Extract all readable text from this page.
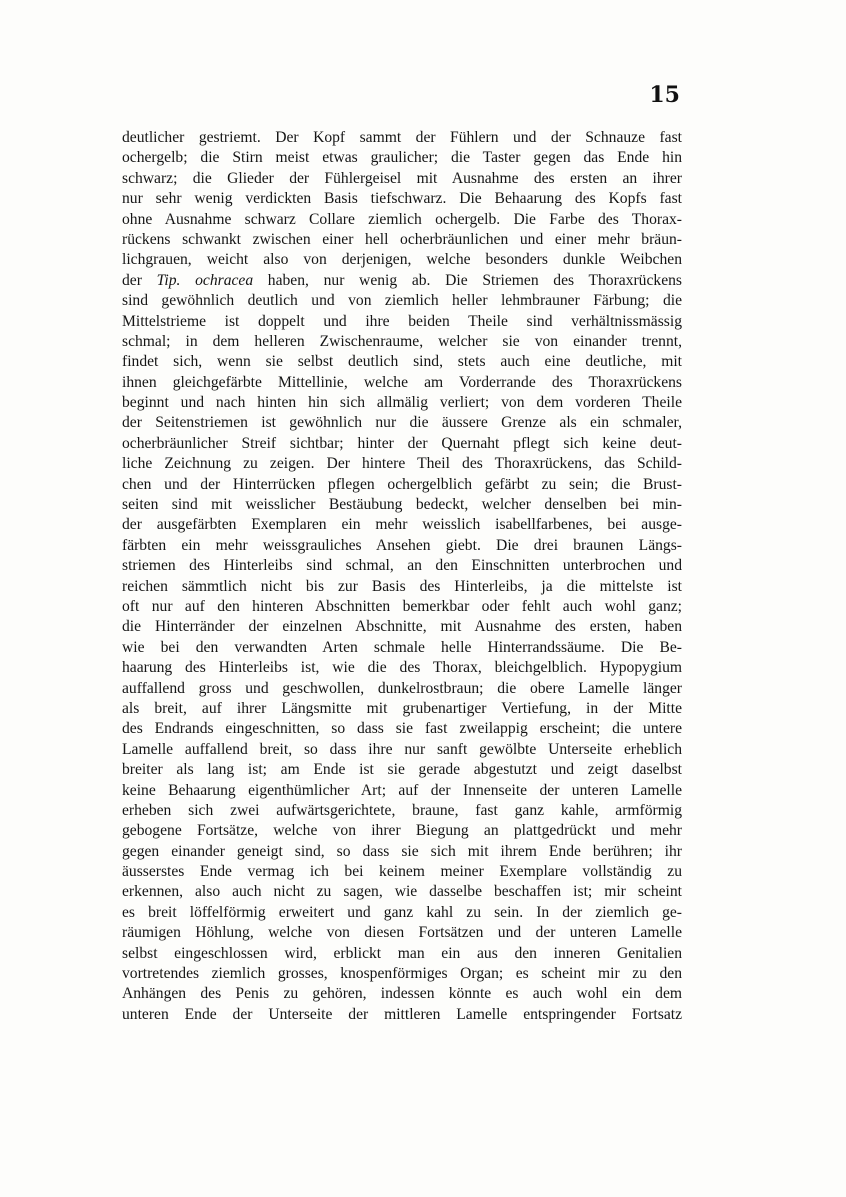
15
deutlicher gestriemt. Der Kopf sammt der Fühlern und der Schnauze fast
ochergelb; die Stirn meist etwas graulicher; die Taster gegen das Ende hin
schwarz; die Glieder der Fühlergeisel mit Ausnahme des ersten an ihrer
nur sehr wenig verdickten Basis tiefschwarz. Die Behaarung des Kopfs fast
ohne Ausnahme schwarz Collare ziemlich ochergelb. Die Farbe des Thorax-
rückens schwankt zwischen einer hell ocherbräunlichen und einer mehr bräun-
lichgrauen, weicht also von derjenigen, welche besonders dunkle Weibchen
der Tip. ochracea haben, nur wenig ab. Die Striemen des Thoraxrückens
sind gewöhnlich deutlich und von ziemlich heller lehmbrauner Färbung; die
Mittelstrieme ist doppelt und ihre beiden Theile sind verhältnissmässig
schmal; in dem helleren Zwischenraume, welcher sie von einander trennt,
findet sich, wenn sie selbst deutlich sind, stets auch eine deutliche, mit
ihnen gleichgefärbte Mittellinie, welche am Vorderrande des Thoraxrückens
beginnt und nach hinten hin sich allmälig verliert; von dem vorderen Theile
der Seitenstriemen ist gewöhnlich nur die äussere Grenze als ein schmaler,
ocherbräunlicher Streif sichtbar; hinter der Quernaht pflegt sich keine deut-
liche Zeichnung zu zeigen. Der hintere Theil des Thoraxrückens, das Schild-
chen und der Hinterrücken pflegen ochergelblich gefärbt zu sein; die Brust-
seiten sind mit weisslicher Bestäubung bedeckt, welcher denselben bei min-
der ausgefärbten Exemplaren ein mehr weisslich isabellfarbenes, bei ausge-
färbten ein mehr weissgrauliches Ansehen giebt. Die drei braunen Längs-
striemen des Hinterleibs sind schmal, an den Einschnitten unterbrochen und
reichen sämmtlich nicht bis zur Basis des Hinterleibs, ja die mittelste ist
oft nur auf den hinteren Abschnitten bemerkbar oder fehlt auch wohl ganz;
die Hinterränder der einzelnen Abschnitte, mit Ausnahme des ersten, haben
wie bei den verwandten Arten schmale helle Hinterrandssäume. Die Be-
haarung des Hinterleibs ist, wie die des Thorax, bleichgelblich. Hypopygium
auffallend gross und geschwollen, dunkelrostbraun; die obere Lamelle länger
als breit, auf ihrer Längsmitte mit grubenartiger Vertiefung, in der Mitte
des Endrands eingeschnitten, so dass sie fast zweilappig erscheint; die untere
Lamelle auffallend breit, so dass ihre nur sanft gewölbte Unterseite erheblich
breiter als lang ist; am Ende ist sie gerade abgestutzt und zeigt daselbst
keine Behaarung eigenthümlicher Art; auf der Innenseite der unteren Lamelle
erheben sich zwei aufwärtsgerichtete, braune, fast ganz kahle, armförmig
gebogene Fortsätze, welche von ihrer Biegung an plattgedrückt und mehr
gegen einander geneigt sind, so dass sie sich mit ihrem Ende berühren; ihr
äusserstes Ende vermag ich bei keinem meiner Exemplare vollständig zu
erkennen, also auch nicht zu sagen, wie dasselbe beschaffen ist; mir scheint
es breit löffelförmig erweitert und ganz kahl zu sein. In der ziemlich ge-
räumigen Höhlung, welche von diesen Fortsätzen und der unteren Lamelle
selbst eingeschlossen wird, erblickt man ein aus den inneren Genitalien
vortretendes ziemlich grosses, knospenförmiges Organ; es scheint mir zu den
Anhängen des Penis zu gehören, indessen könnte es auch wohl ein dem
unteren Ende der Unterseite der mittleren Lamelle entspringender Fortsatz
